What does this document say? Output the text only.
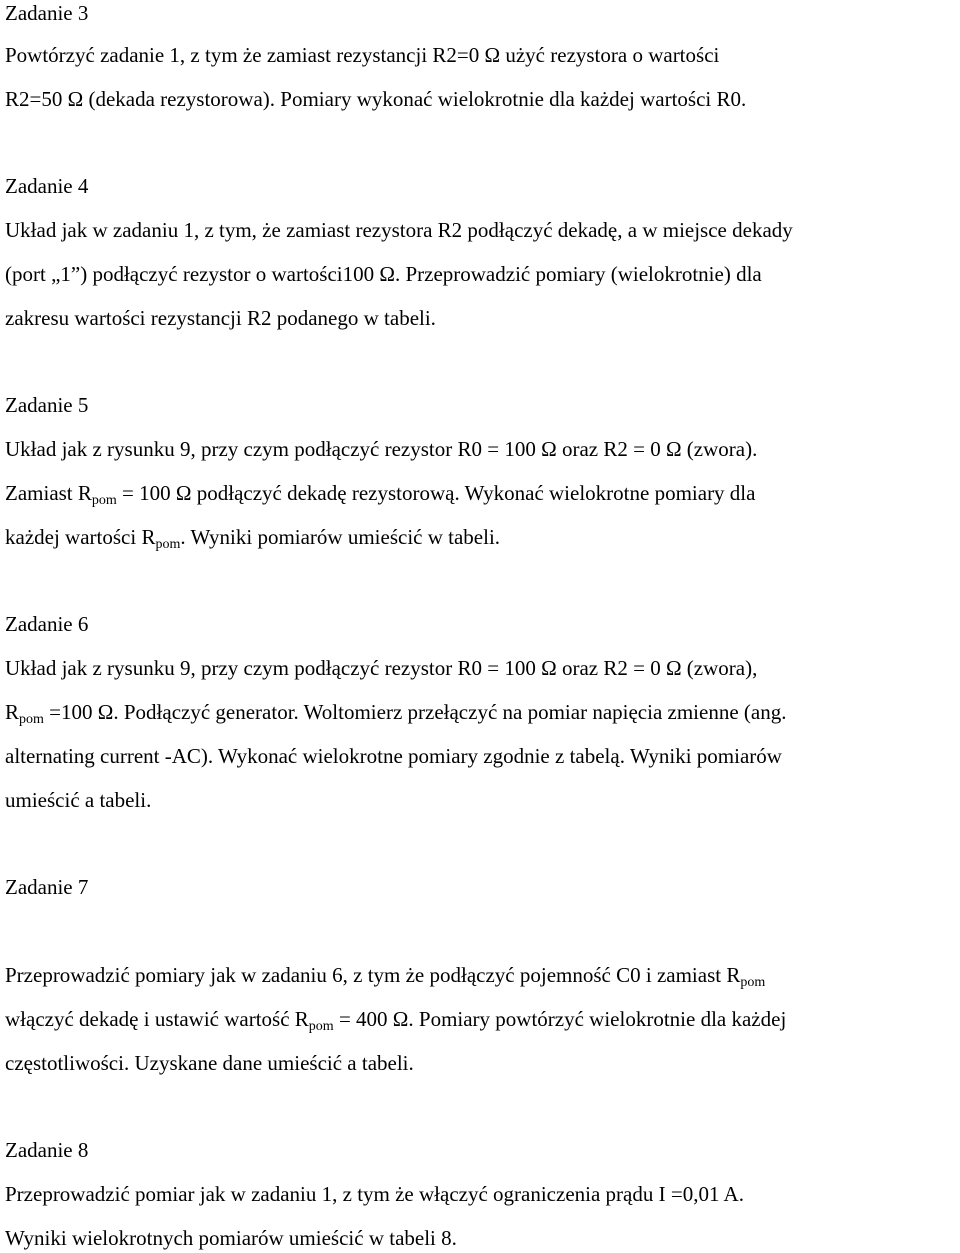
Zadanie 3
Powtórzyć zadanie 1, z tym że zamiast rezystancji R2=0 Ω użyć rezystora o wartości
R2=50 Ω (dekada rezystorowa). Pomiary wykonać wielokrotnie dla każdej wartości R0.
Zadanie 4
Układ jak w zadaniu 1, z tym, że zamiast rezystora R2 podłączyć dekadę, a w miejsce dekady
(port „1”) podłączyć rezystor o wartości100 Ω. Przeprowadzić pomiary (wielokrotnie) dla
zakresu wartości rezystancji R2 podanego w tabeli.
Zadanie 5
Układ jak z rysunku 9, przy czym podłączyć rezystor R0 = 100 Ω oraz R2 = 0 Ω (zwora).
Zamiast $R_{pom} = 100$ Ω podłączyć dekadę rezystorową. Wykonać wielokrotne pomiary dla
każdej wartości $R_{pom}$. Wyniki pomiarów umieścić w tabeli.
Zadanie 6
Układ jak z rysunku 9, przy czym podłączyć rezystor R0 = 100 Ω oraz R2 = 0 Ω (zwora),
$R_{pom} =100$ Ω. Podłączyć generator. Woltomierz przełączyć na pomiar napięcia zmienne (ang.
alternating current -AC). Wykonać wielokrotne pomiary zgodnie z tabelą. Wyniki pomiarów
umieścić a tabeli.
Zadanie 7
Przeprowadzić pomiary jak w zadaniu 6, z tym że podłączyć pojemność C0 i zamiast $R_{pom}$
włączyć dekadę i ustawić wartość $R_{pom} = 400$ Ω. Pomiary powtórzyć wielokrotnie dla każdej
częstotliwości. Uzyskane dane umieścić a tabeli.
Zadanie 8
Przeprowadzić pomiar jak w zadaniu 1, z tym że włączyć ograniczenia prądu I =0,01 A.
Wyniki wielokrotnych pomiarów umieścić w tabeli 8.
